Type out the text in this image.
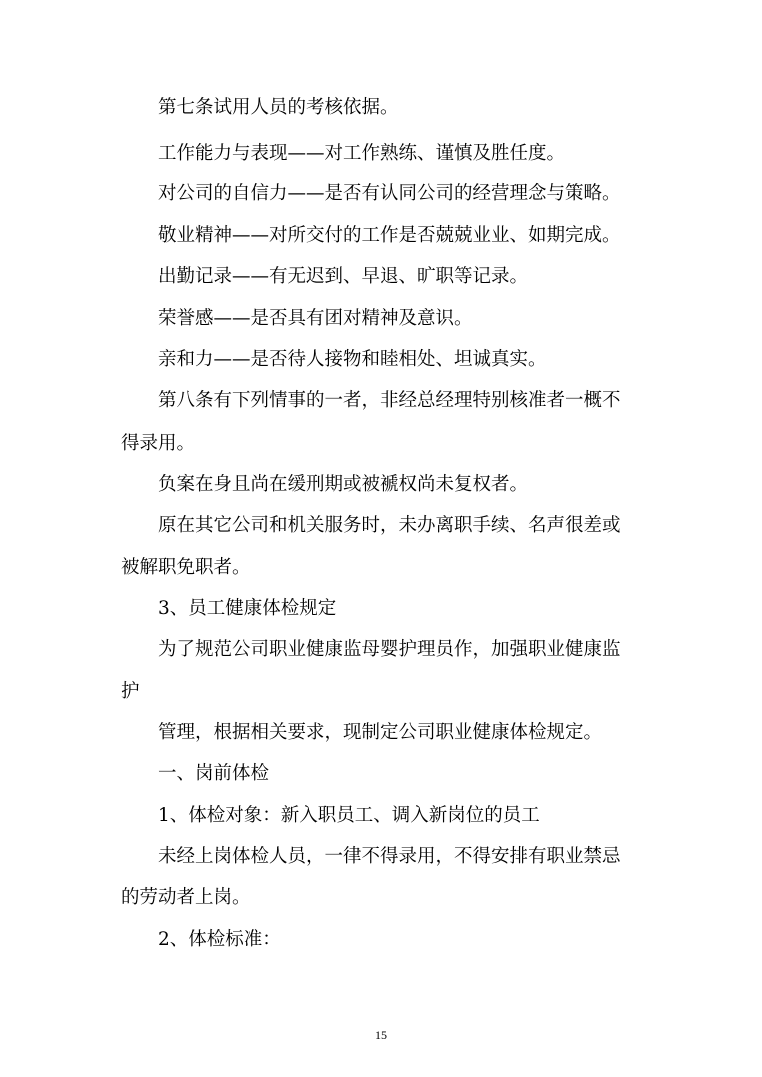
第七条试用人员的考核依据。
工作能力与表现——对工作熟练、谨慎及胜任度。
对公司的自信力——是否有认同公司的经营理念与策略。
敬业精神——对所交付的工作是否兢兢业业、如期完成。
出勤记录——有无迟到、早退、旷职等记录。
荣誉感——是否具有团对精神及意识。
亲和力——是否待人接物和睦相处、坦诚真实。
第八条有下列情事的一者，非经总经理特别核准者一概不
得录用。
负案在身且尚在缓刑期或被褫权尚未复权者。
原在其它公司和机关服务时，未办离职手续、名声很差或
被解职免职者。
3、员工健康体检规定
为了规范公司职业健康监母婴护理员作，加强职业健康监
护
管理，根据相关要求，现制定公司职业健康体检规定。
一、岗前体检
1、体检对象：新入职员工、调入新岗位的员工
未经上岗体检人员，一律不得录用，不得安排有职业禁忌
的劳动者上岗。
2、体检标准：
15
